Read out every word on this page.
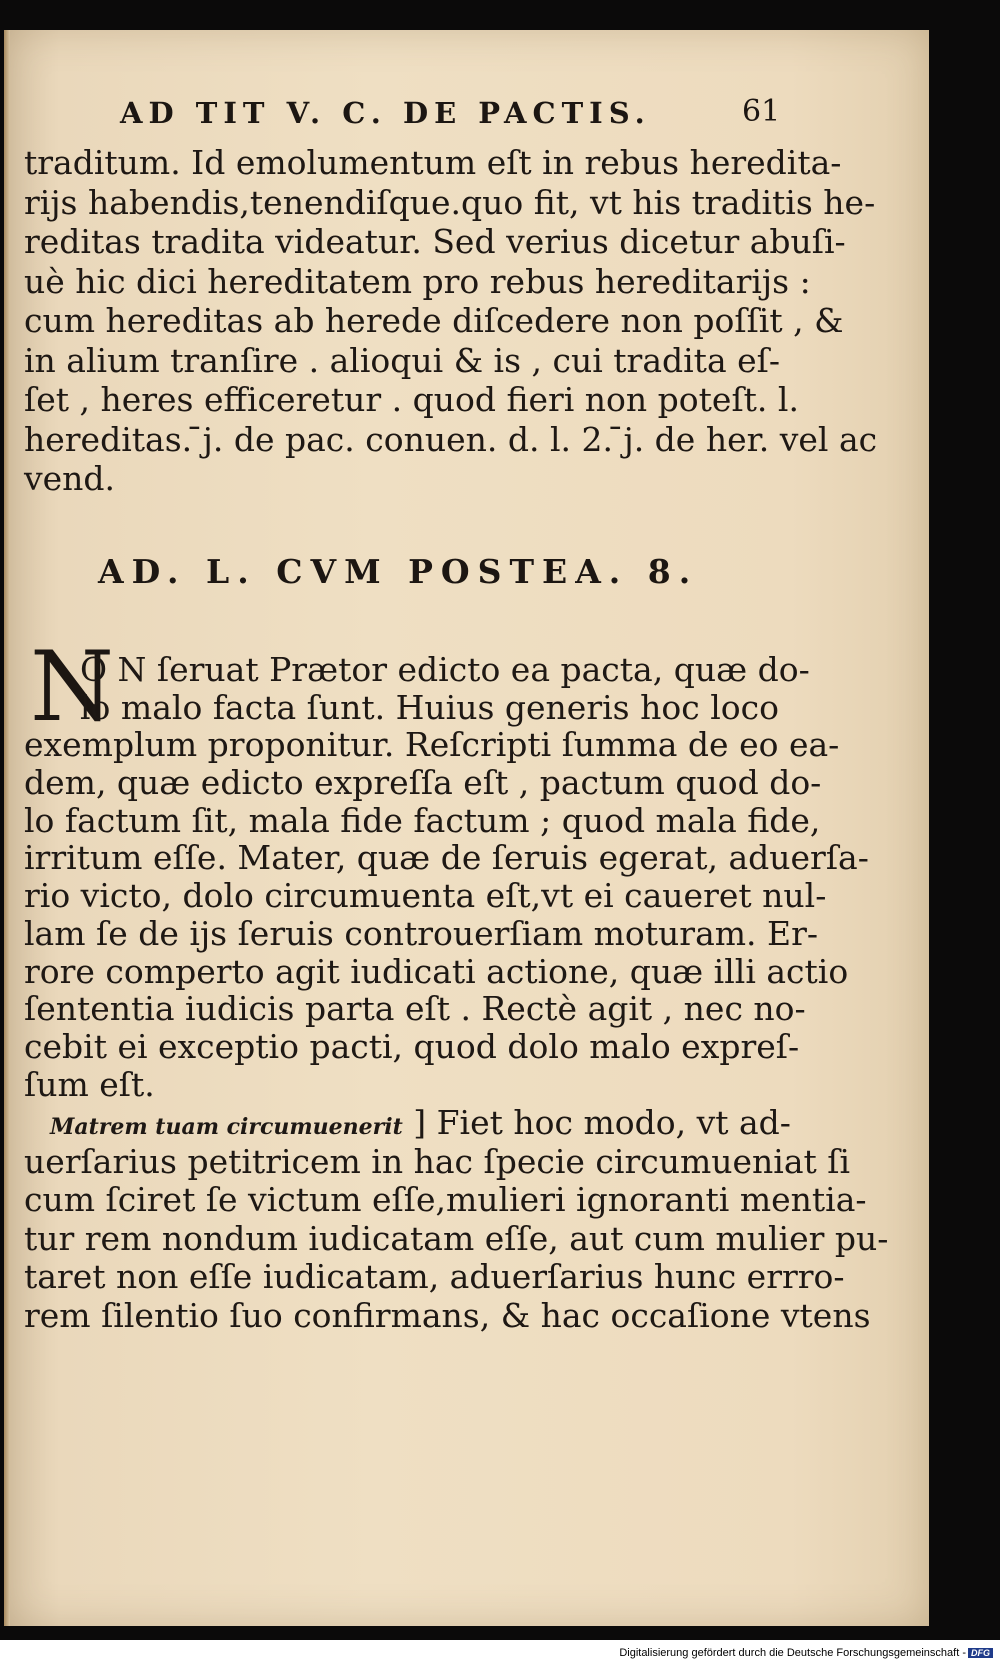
AD TIT V. C. DE PACTIS.	61
traditum. Id emolumentum eſt in rebus heredita-
rijs habendis,tenendiſque.quo fit, vt his traditis he-
reditas tradita videatur. Sed verius dicetur abuſi-
uè hic dici hereditatem pro rebus hereditarijs :
cum hereditas ab herede diſcedere non poſſit , &
in alium tranſire . alioqui & is , cui tradita eſ-
ſet , heres efficeretur . quod fieri non poteſt. l.
hereditas. ̄j. de pac. conuen. d. l. 2. ̄j. de her. vel ac
vend.
AD. L. CVM POSTEA. 8.
N
O N ſeruat Prætor edicto ea pacta, quæ do-
lo malo facta ſunt. Huius generis hoc loco
exemplum proponitur. Reſcripti ſumma de eo ea-
dem, quæ edicto expreſſa eſt , pactum quod do-
lo factum ſit, mala fide factum ; quod mala fide,
irritum eſſe. Mater, quæ de ſeruis egerat, aduerſa-
rio victo, dolo circumuenta eſt,vt ei caueret nul-
lam ſe de ijs ſeruis controuerſiam moturam. Er-
rore comperto agit iudicati actione, quæ illi actio
ſententia iudicis parta eſt . Rectè agit , nec no-
cebit ei exceptio pacti, quod dolo malo expreſ-
ſum eſt.
Matrem tuam circumuenerit ] Fiet hoc modo, vt ad-
uerſarius petitricem in hac ſpecie circumueniat ſi
cum ſciret ſe victum eſſe,mulieri ignoranti mentia-
tur rem nondum iudicatam eſſe, aut cum mulier pu-
taret non eſſe iudicatam, aduerſarius hunc errro-
rem ſilentio ſuo confirmans, & hac occaſione vtens
Digitalisierung gefördert durch die Deutsche Forschungsgemeinschaft - DFG
